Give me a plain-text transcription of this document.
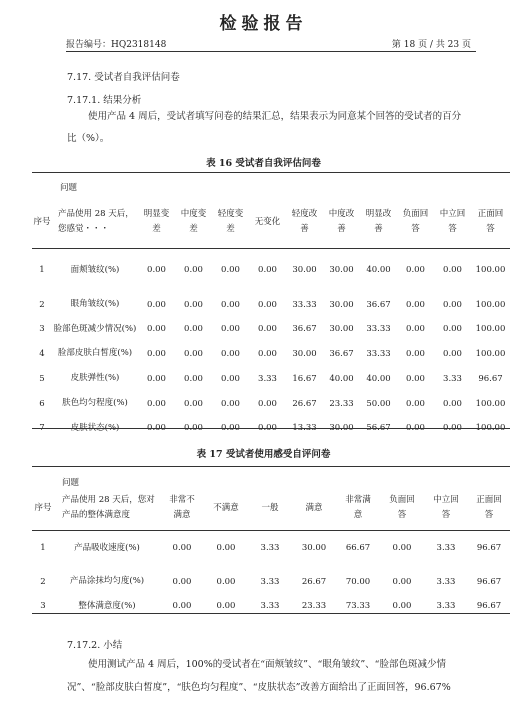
检验报告
报告编号：HQ2318148	第 18 页 / 共 23 页
7.17. 受试者自我评估问卷
7.17.1. 结果分析
使用产品 4 周后，受试者填写问卷的结果汇总，结果表示为同意某个回答的受试者的百分
比（%）。
表 16 受试者自我评估问卷
问题
序号	产品使用 28 天后，您感觉・・・	明显变差	中度变差	轻度变差	无变化	轻度改善	中度改善	明显改善	负面回答	中立回答	正面回答
1	面颊皱纹(%)	0.00	0.00	0.00	0.00	30.00	30.00	40.00	0.00	0.00	100.00
2	眼角皱纹(%)	0.00	0.00	0.00	0.00	33.33	30.00	36.67	0.00	0.00	100.00
3	脸部色斑减少情况(%)	0.00	0.00	0.00	0.00	36.67	30.00	33.33	0.00	0.00	100.00
4	脸部皮肤白皙度(%)	0.00	0.00	0.00	0.00	30.00	36.67	33.33	0.00	0.00	100.00
5	皮肤弹性(%)	0.00	0.00	0.00	3.33	16.67	40.00	40.00	0.00	3.33	96.67
6	肤色均匀程度(%)	0.00	0.00	0.00	0.00	26.67	23.33	50.00	0.00	0.00	100.00
7	皮肤状态(%)	0.00	0.00	0.00	0.00	13.33	30.00	56.67	0.00	0.00	100.00
表 17 受试者使用感受自评问卷
问题
序号	产品使用 28 天后，您对产品的整体满意度	非常不满意	不满意	一般	满意	非常满意	负面回答	中立回答	正面回答
1	产品吸收速度(%)	0.00	0.00	3.33	30.00	66.67	0.00	3.33	96.67
2	产品涂抹均匀度(%)	0.00	0.00	3.33	26.67	70.00	0.00	3.33	96.67
3	整体满意度(%)	0.00	0.00	3.33	23.33	73.33	0.00	3.33	96.67
7.17.2. 小结
使用测试产品 4 周后，100%的受试者在“面颊皱纹”、“眼角皱纹”、“脸部色斑减少情
况”、“脸部皮肤白皙度”，“肤色均匀程度”、“皮肤状态”改善方面给出了正面回答，96.67%
